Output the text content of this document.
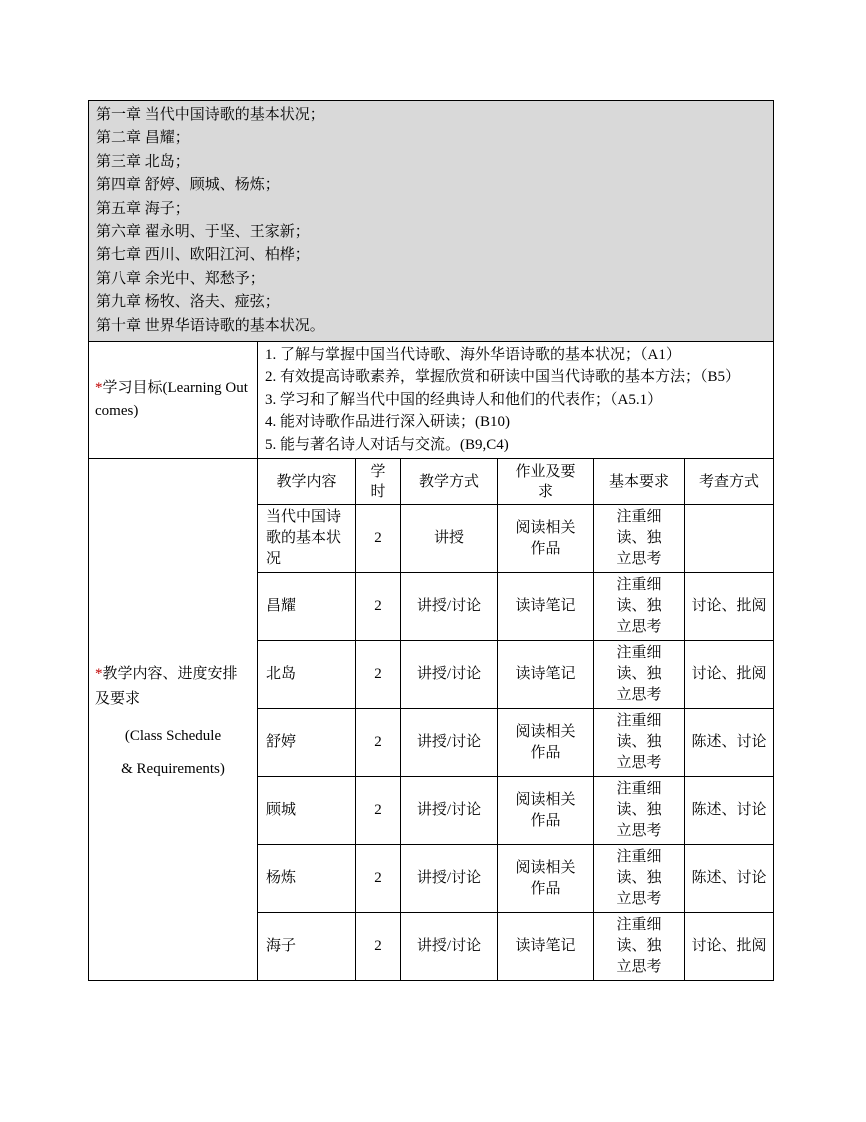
第一章 当代中国诗歌的基本状况；
第二章 昌耀；
第三章 北岛；
第四章 舒婷、顾城、杨炼；
第五章 海子；
第六章 翟永明、于坚、王家新；
第七章 西川、欧阳江河、柏桦；
第八章 余光中、郑愁予；
第九章 杨牧、洛夫、痖弦；
第十章 世界华语诗歌的基本状况。

*学习目标(Learning Outcomes)	1. 了解与掌握中国当代诗歌、海外华语诗歌的基本状况；（A1）
2. 有效提高诗歌素养，掌握欣赏和研读中国当代诗歌的基本方法；（B5）
3. 学习和了解当代中国的经典诗人和他们的代表作；（A5.1）
4. 能对诗歌作品进行深入研读；(B10)
5. 能与著名诗人对话与交流。(B9,C4)					

*教学内容、进度安排及要求
(Class Schedule
& Requirements)	教学内容	学时	教学方式	作业及要求	基本要求	考查方式
	当代中国诗歌的基本状况	2	讲授	阅读相关作品	注重细读、独立思考	
	昌耀	2	讲授/讨论	读诗笔记	注重细读、独立思考	讨论、批阅
	北岛	2	讲授/讨论	读诗笔记	注重细读、独立思考	讨论、批阅
	舒婷	2	讲授/讨论	阅读相关作品	注重细读、独立思考	陈述、讨论
	顾城	2	讲授/讨论	阅读相关作品	注重细读、独立思考	陈述、讨论
	杨炼	2	讲授/讨论	阅读相关作品	注重细读、独立思考	陈述、讨论
	海子	2	讲授/讨论	读诗笔记	注重细读、独立思考	讨论、批阅
